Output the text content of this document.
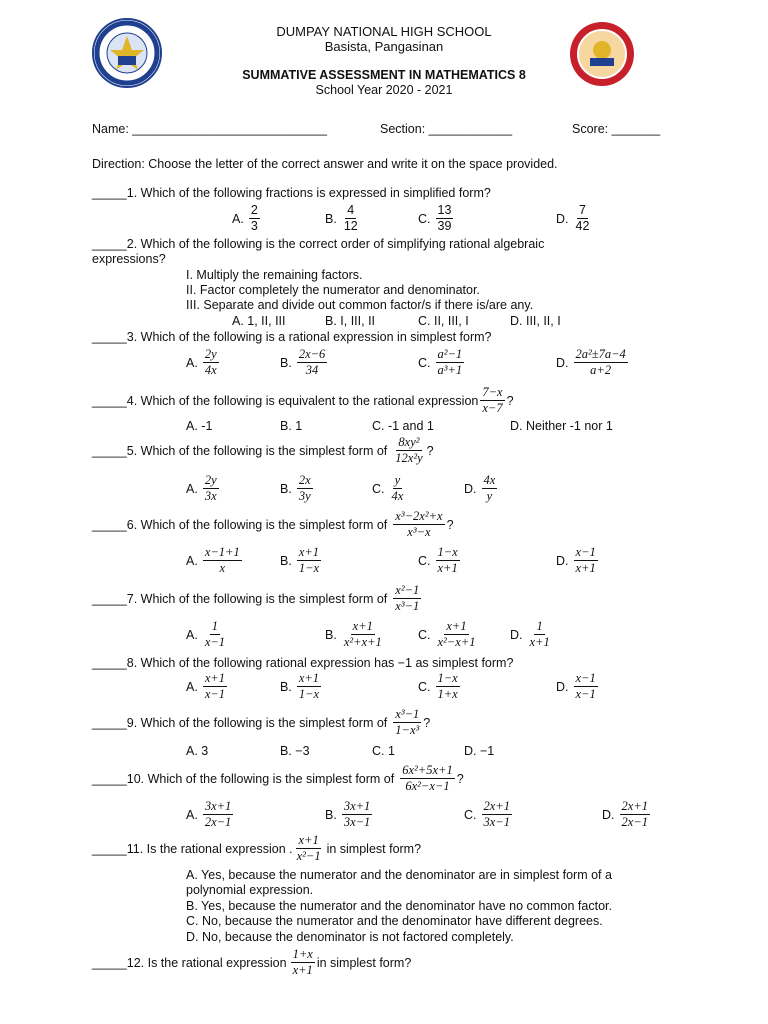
DUMPAY NATIONAL HIGH SCHOOL
Basista, Pangasinan
SUMMATIVE ASSESSMENT IN MATHEMATICS 8
School Year 2020 - 2021
Name: ____________________________	Section: ____________	Score: _______
Direction: Choose the letter of the correct answer and write it on the space provided.
_____1. Which of the following fractions is expressed in simplified form?
A. $\frac{2}{3}$	B. $\frac{4}{12}$	C. $\frac{13}{39}$	D. $\frac{7}{42}$
_____2. Which of the following is the correct order of simplifying rational algebraic
expressions?
I. Multiply the remaining factors.
II. Factor completely the numerator and denominator.
III. Separate and divide out common factor/s if there is/are any.
A. 1, II, III	B. I, III, II	C. II, III, I	D. III, II, I
_____3. Which of the following is a rational expression in simplest form?
A. $\frac{2y}{4x}$	B. $\frac{2x-6}{34}$	C. $\frac{\text{a²−1}}{\text{a³+1}}$	D. $\frac{\text{2a²±7a−4}}{a+2}$
_____4. Which of the following is equivalent to the rational expression $\frac{7-x}{x-7}$ ?
A. -1	B. 1	C. -1 and 1	D. Neither -1 nor 1
_____5. Which of the following is the simplest form of $\frac{\text{8xy²}}{\text{12x²y}}$ ?
A. $\frac{2y}{3x}$	B. $\frac{2x}{3y}$	C. $\frac{y}{4x}$	D. $\frac{4x}{y}$
_____6. Which of the following is the simplest form of $\frac{\text{x³−2x²+x}}{\text{x³−x}}$ ?
A. $\frac{x-1+1}{x}$	B. $\frac{x+1}{1-x}$	C. $\frac{1-x}{x+1}$	D. $\frac{x-1}{x+1}$
_____7. Which of the following is the simplest form of $\frac{\text{x²−1}}{\text{x³−1}}$
A. $\frac{1}{x-1}$	B. $\frac{x+1}{\text{x²+x+1}}$	C. $\frac{x+1}{\text{x²−x+1}}$	D. $\frac{1}{x+1}$
_____8. Which of the following rational expression has −1 as simplest form?
A. $\frac{x+1}{x-1}$	B. $\frac{x+1}{1-x}$	C. $\frac{1-x}{1+x}$	D. $\frac{x-1}{x-1}$
_____9. Which of the following is the simplest form of $\frac{\text{x³−1}}{\text{1−x³}}$ ?
A. 3	B. −3	C. 1	D. −1
_____10. Which of the following is the simplest form of $\frac{\text{6x²+5x+1}}{\text{6x²−x−1}}$ ?
A. $\frac{3x+1}{2x-1}$	B. $\frac{3x+1}{3x-1}$	C. $\frac{2x+1}{3x-1}$	D. $\frac{2x+1}{2x-1}$
_____11. Is the rational expression . $\frac{x+1}{\text{x²−1}}$ in simplest form?
A. Yes, because the numerator and the denominator are in simplest form of a
polynomial expression.
B. Yes, because the numerator and the denominator have no common factor.
C. No, because the numerator and the denominator have different degrees.
D. No, because the denominator is not factored completely.
_____12. Is the rational expression $\frac{1+x}{x+1}$ in simplest form?
